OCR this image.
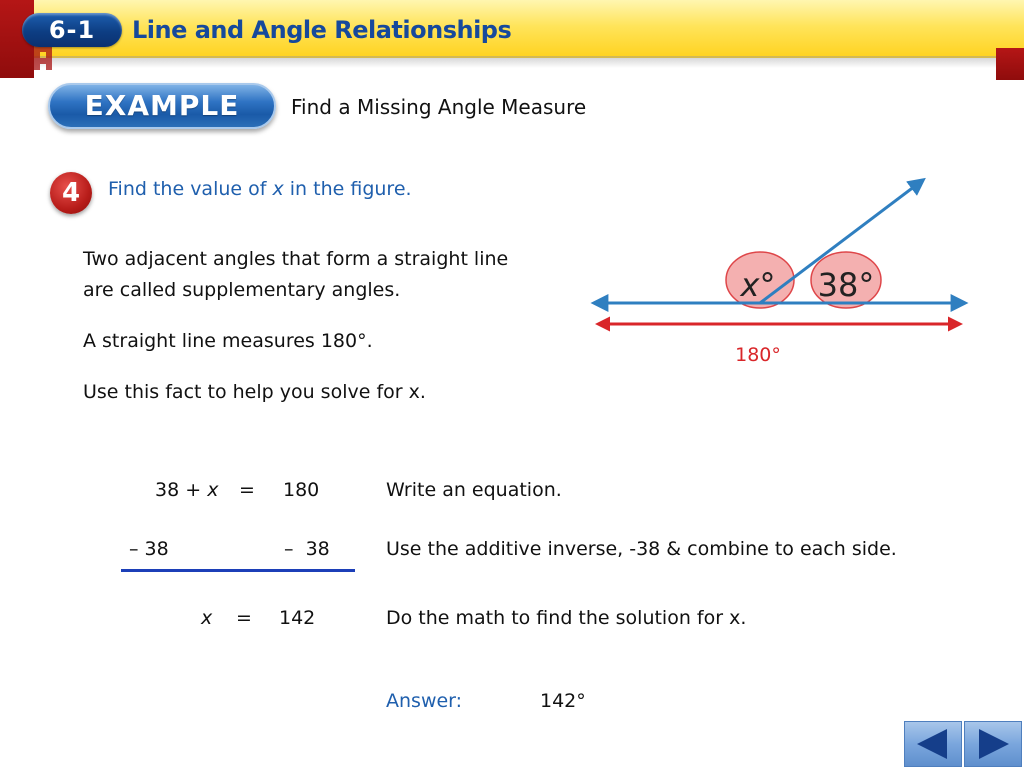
6-1	Line and Angle Relationships
EXAMPLE	Find a Missing Angle Measure
4	Find the value of x in the figure.
Two adjacent angles that form a straight line are called supplementary angles.
A straight line measures 180°.
Use this fact to help you solve for x.
x° 38°
180°
38 + x = 180	Write an equation.
– 38	–  38	Use the additive inverse, -38 & combine to each side.
x = 142	Do the math to find the solution for x.
Answer:	142°
